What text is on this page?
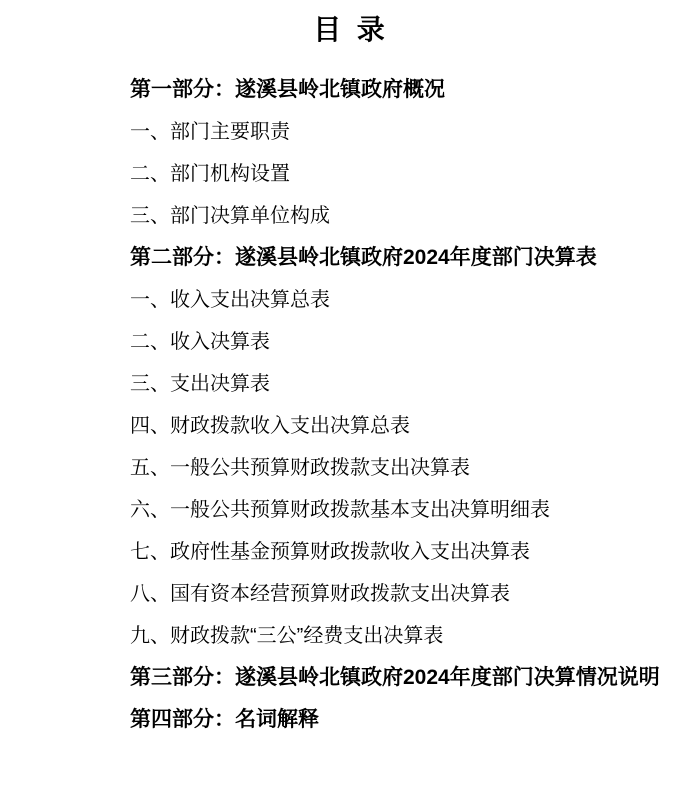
目  录

第一部分：遂溪县岭北镇政府概况

一、部门主要职责

二、部门机构设置

三、部门决算单位构成

第二部分：遂溪县岭北镇政府2024年度部门决算表

一、收入支出决算总表

二、收入决算表

三、支出决算表

四、财政拨款收入支出决算总表

五、一般公共预算财政拨款支出决算表

六、一般公共预算财政拨款基本支出决算明细表

七、政府性基金预算财政拨款收入支出决算表

八、国有资本经营预算财政拨款支出决算表

九、财政拨款“三公”经费支出决算表

第三部分：遂溪县岭北镇政府2024年度部门决算情况说明

第四部分：名词解释
